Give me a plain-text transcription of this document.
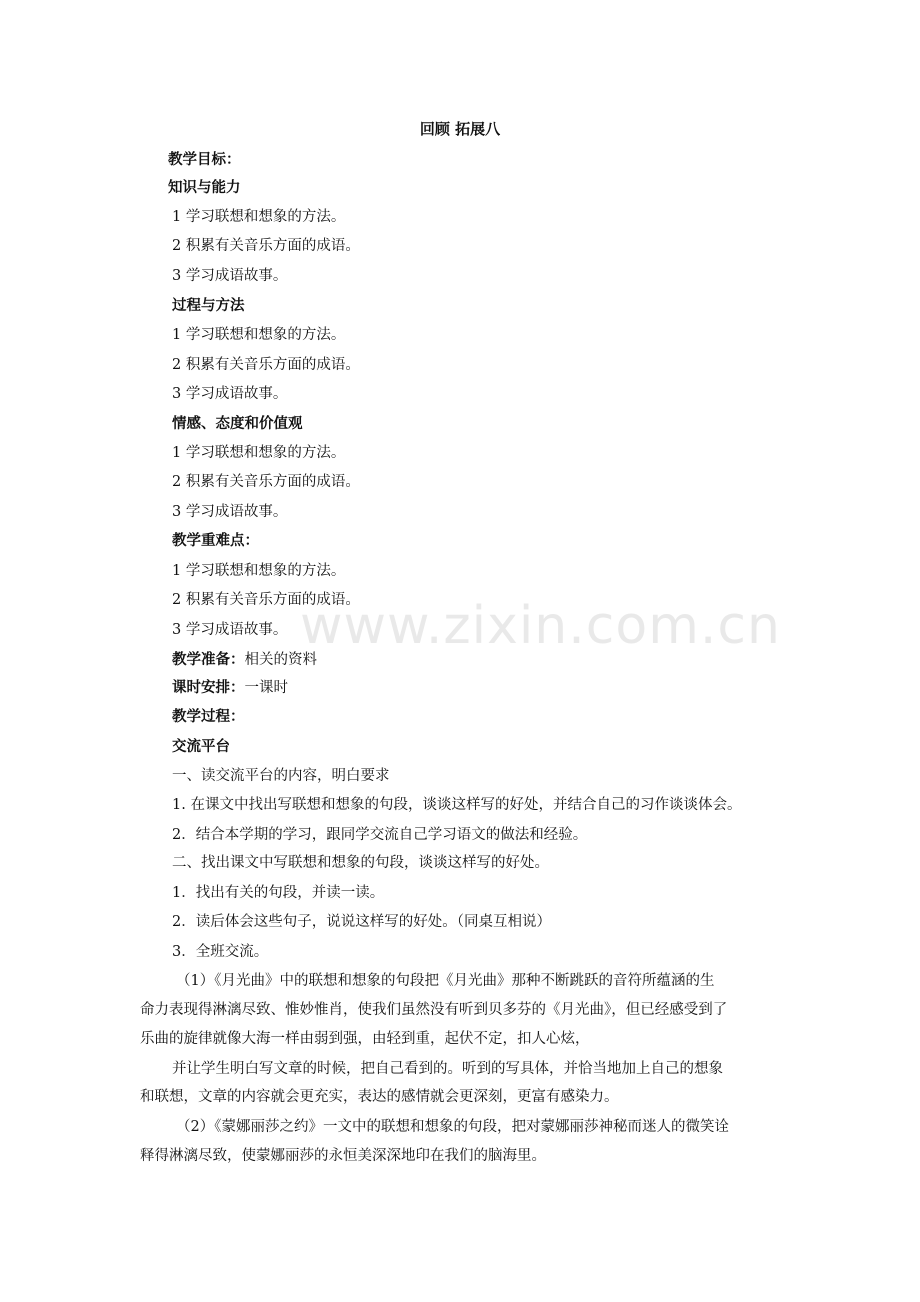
回顾 拓展八
教学目标：
知识与能力
1 学习联想和想象的方法。
2 积累有关音乐方面的成语。
3 学习成语故事。
过程与方法
1 学习联想和想象的方法。
2 积累有关音乐方面的成语。
3 学习成语故事。
情感、态度和价值观
1 学习联想和想象的方法。
2 积累有关音乐方面的成语。
3 学习成语故事。
教学重难点：
1 学习联想和想象的方法。
2 积累有关音乐方面的成语。
3 学习成语故事。
教学准备：相关的资料
课时安排：一课时
教学过程：
交流平台
一、读交流平台的内容，明白要求
1. 在课文中找出写联想和想象的句段，谈谈这样写的好处，并结合自己的习作谈谈体会。
2．结合本学期的学习，跟同学交流自己学习语文的做法和经验。
二、找出课文中写联想和想象的句段，谈谈这样写的好处。
1．找出有关的句段，并读一读。
2．读后体会这些句子，说说这样写的好处。（同桌互相说）
3．全班交流。
（1）《月光曲》中的联想和想象的句段把《月光曲》那种不断跳跃的音符所蕴涵的生
命力表现得淋漓尽致、惟妙惟肖，使我们虽然没有听到贝多芬的《月光曲》，但已经感受到了
乐曲的旋律就像大海一样由弱到强，由轻到重，起伏不定，扣人心炫，
并让学生明白写文章的时候，把自己看到的。听到的写具体，并恰当地加上自己的想象
和联想，文章的内容就会更充实，表达的感情就会更深刻，更富有感染力。
（2）《蒙娜丽莎之约》一文中的联想和想象的句段，把对蒙娜丽莎神秘而迷人的微笑诠
释得淋漓尽致，使蒙娜丽莎的永恒美深深地印在我们的脑海里。
www.zixin.com.cn
